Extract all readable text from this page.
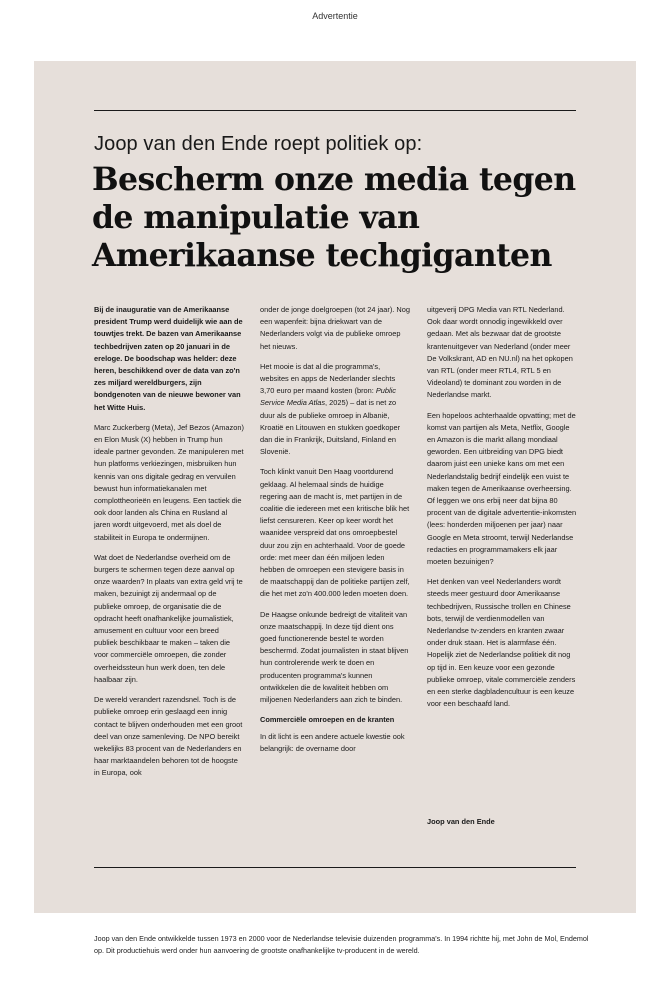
Advertentie
Joop van den Ende roept politiek op:
Bescherm onze media tegen de manipulatie van Amerikaanse techgiganten

Bij de inauguratie van de Amerikaanse president Trump werd duidelijk wie aan de touwtjes trekt. De bazen van Amerikaanse techbedrijven zaten op 20 januari in de ereloge. De boodschap was helder: deze heren, beschikkend over de data van zo'n zes miljard wereldburgers, zijn bondgenoten van de nieuwe bewoner van het Witte Huis.

Marc Zuckerberg (Meta), Jef Bezos (Amazon) en Elon Musk (X) hebben in Trump hun ideale partner gevonden. Ze manipuleren met hun platforms verkiezingen, misbruiken hun kennis van ons digitale gedrag en vervuilen bewust hun informatiekanalen met complottheorieën en leugens. Een tactiek die ook door landen als China en Rusland al jaren wordt uitgevoerd, met als doel de stabiliteit in Europa te ondermijnen.

Wat doet de Nederlandse overheid om de burgers te schermen tegen deze aanval op onze waarden? In plaats van extra geld vrij te maken, bezuinigt zij andermaal op de publieke omroep, de organisatie die de opdracht heeft onafhankelijke journalistiek, amusement en cultuur voor een breed publiek beschikbaar te maken – taken die voor commerciële omroepen, die zonder overheidssteun hun werk doen, ten dele haalbaar zijn.

De wereld verandert razendsnel. Toch is de publieke omroep erin geslaagd een innig contact te blijven onderhouden met een groot deel van onze samenleving. De NPO bereikt wekelijks 83 procent van de Nederlanders en haar marktaandelen behoren tot de hoogste in Europa, ook

onder de jonge doelgroepen (tot 24 jaar). Nog een wapenfeit: bijna driekwart van de Nederlanders volgt via de publieke omroep het nieuws.

Het mooie is dat al die programma's, websites en apps de Nederlander slechts 3,70 euro per maand kosten (bron: Public Service Media Atlas, 2025) – dat is net zo duur als de publieke omroep in Albanië, Kroatië en Litouwen en stukken goedkoper dan die in Frankrijk, Duitsland, Finland en Slovenië.

Toch klinkt vanuit Den Haag voortdurend geklaag. Al helemaal sinds de huidige regering aan de macht is, met partijen in de coalitie die iedereen met een kritische blik het liefst censureren. Keer op keer wordt het waanidee verspreid dat ons omroepbestel duur zou zijn en achterhaald. Voor de goede orde: met meer dan één miljoen leden hebben de omroepen een stevigere basis in de maatschappij dan de politieke partijen zelf, die het met zo'n 400.000 leden moeten doen.

De Haagse onkunde bedreigt de vitaliteit van onze maatschappij. In deze tijd dient ons goed functionerende bestel te worden beschermd. Zodat journalisten in staat blijven hun controlerende werk te doen en producenten programma's kunnen ontwikkelen die de kwaliteit hebben om miljoenen Nederlanders aan zich te binden.

Commerciële omroepen en de kranten

In dit licht is een andere actuele kwestie ook belangrijk: de overname door

uitgeverij DPG Media van RTL Nederland. Ook daar wordt onnodig ingewikkeld over gedaan. Met als bezwaar dat de grootste krantenuitgever van Nederland (onder meer De Volkskrant, AD en NU.nl) na het opkopen van RTL (onder meer RTL4, RTL 5 en Videoland) te dominant zou worden in de Nederlandse markt.

Een hopeloos achterhaalde opvatting; met de komst van partijen als Meta, Netflix, Google en Amazon is die markt allang mondiaal geworden. Een uitbreiding van DPG biedt daarom juist een unieke kans om met een Nederlandstalig bedrijf eindelijk een vuist te maken tegen de Amerikaanse overheersing. Of leggen we ons erbij neer dat bijna 80 procent van de digitale advertentie-inkomsten (lees: honderden miljoenen per jaar) naar Google en Meta stroomt, terwijl Nederlandse redacties en programmamakers elk jaar moeten bezuinigen?

Het denken van veel Nederlanders wordt steeds meer gestuurd door Amerikaanse techbedrijven, Russische trollen en Chinese bots, terwijl de verdienmodellen van Nederlandse tv-zenders en kranten zwaar onder druk staan. Het is alarmfase één. Hopelijk ziet de Nederlandse politiek dit nog op tijd in. Een keuze voor een gezonde publieke omroep, vitale commerciële zenders en een sterke dagbladencultuur is een keuze voor een beschaafd land.

Joop van den Ende
Joop van den Ende ontwikkelde tussen 1973 en 2000 voor de Nederlandse televisie duizenden programma's. In 1994 richtte hij, met John de Mol, Endemol op. Dit productiehuis werd onder hun aanvoering de grootste onafhankelijke tv-producent in de wereld.
